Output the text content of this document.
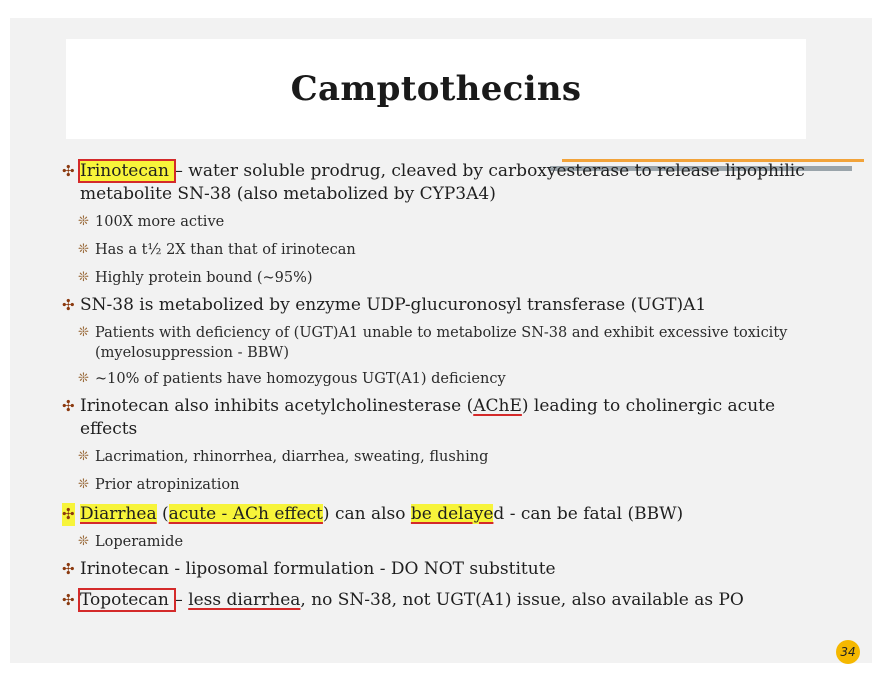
Camptothecins
✣ Irinotecan – water soluble prodrug, cleaved by carboxyesterase to release lipophilic metabolite SN-38 (also metabolized by CYP3A4)
❊ 100X more active
❊ Has a t½ 2X than that of irinotecan
❊ Highly protein bound (~95%)
✣ SN-38 is metabolized by enzyme UDP-glucuronosyl transferase (UGT)A1
❊ Patients with deficiency of (UGT)A1 unable to metabolize SN-38 and exhibit excessive toxicity (myelosuppression - BBW)
❊ ~10% of patients have homozygous UGT(A1) deficiency
✣ Irinotecan also inhibits acetylcholinesterase (AChE) leading to cholinergic acute effects
❊ Lacrimation, rhinorrhea, diarrhea, sweating, flushing
❊ Prior atropinization
✣ Diarrhea (acute - ACh effect) can also be delayed - can be fatal (BBW)
❊ Loperamide
✣ Irinotecan - liposomal formulation - DO NOT substitute
✣ Topotecan – less diarrhea, no SN-38, not UGT(A1) issue, also available as PO
34
